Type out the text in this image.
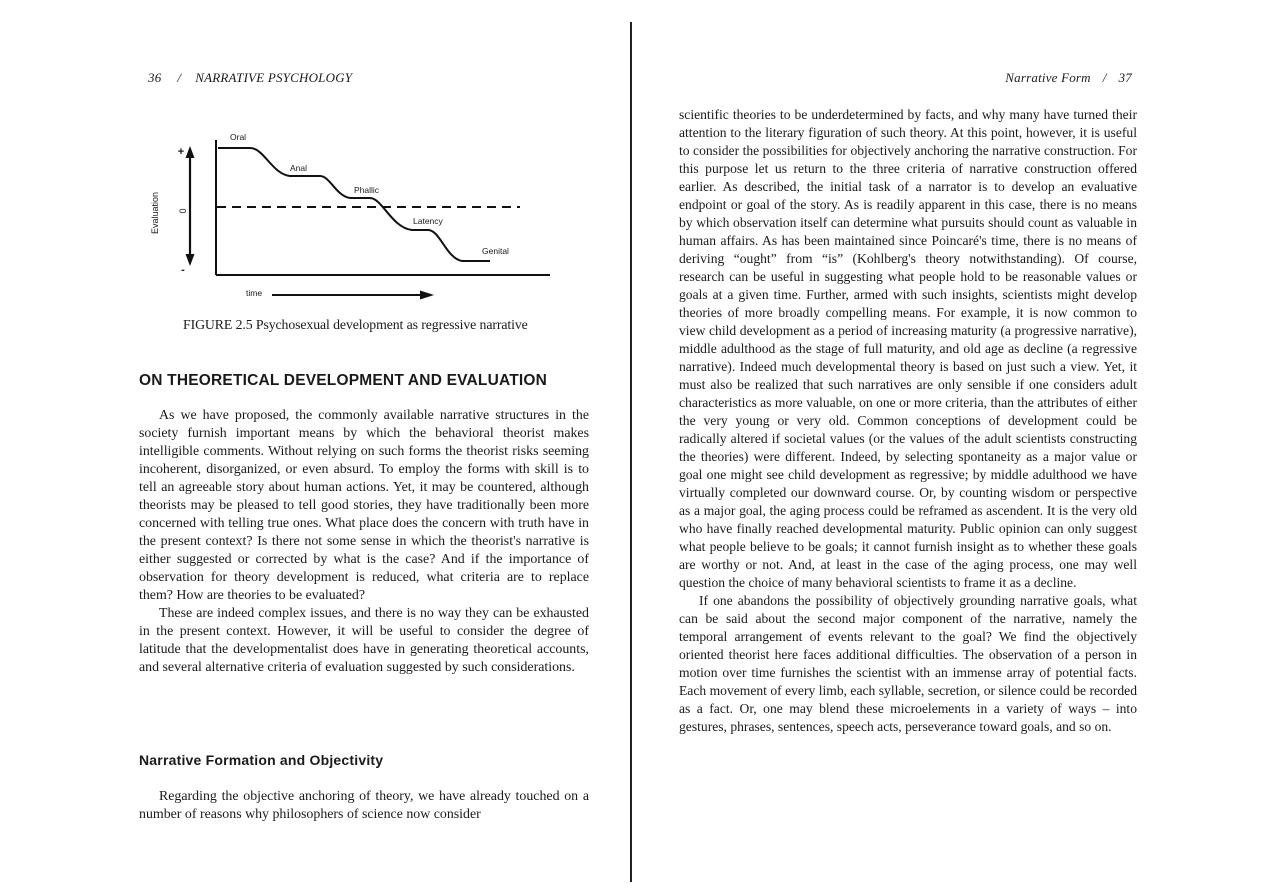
36 / NARRATIVE PSYCHOLOGY
Evaluation
+
0
-
Oral
Anal
Phallic
Latency
Genital
time
FIGURE 2.5 Psychosexual development as regressive narrative
ON THEORETICAL DEVELOPMENT AND EVALUATION

As we have proposed, the commonly available narrative structures in the society furnish important means by which the behavioral theorist makes intelligible comments. Without relying on such forms the theorist risks seeming incoherent, disorganized, or even absurd. To employ the forms with skill is to tell an agreeable story about human actions. Yet, it may be countered, although theorists may be pleased to tell good stories, they have traditionally been more concerned with telling true ones. What place does the concern with truth have in the present context? Is there not some sense in which the theorist's narrative is either suggested or corrected by what is the case? And if the importance of observation for theory development is reduced, what criteria are to replace them? How are theories to be evaluated?

These are indeed complex issues, and there is no way they can be exhausted in the present context. However, it will be useful to consider the degree of latitude that the developmentalist does have in generating theoretical accounts, and several alternative criteria of evaluation suggested by such considerations.

Narrative Formation and Objectivity

Regarding the objective anchoring of theory, we have already touched on a number of reasons why philosophers of science now consider

Narrative Form / 37

scientific theories to be underdetermined by facts, and why many have turned their attention to the literary figuration of such theory. At this point, however, it is useful to consider the possibilities for objectively anchoring the narrative construction. For this purpose let us return to the three criteria of narrative construction offered earlier. As described, the initial task of a narrator is to develop an evaluative endpoint or goal of the story. As is readily apparent in this case, there is no means by which observation itself can determine what pursuits should count as valuable in human affairs. As has been maintained since Poincaré's time, there is no means of deriving “ought” from “is” (Kohlberg's theory notwithstanding). Of course, research can be useful in suggesting what people hold to be reasonable values or goals at a given time. Further, armed with such insights, scientists might develop theories of more broadly compelling means. For example, it is now common to view child development as a period of increasing maturity (a progressive narrative), middle adulthood as the stage of full maturity, and old age as decline (a regressive narrative). Indeed much developmental theory is based on just such a view. Yet, it must also be realized that such narratives are only sensible if one considers adult characteristics as more valuable, on one or more criteria, than the attributes of either the very young or very old. Common conceptions of development could be radically altered if societal values (or the values of the adult scientists constructing the theories) were different. Indeed, by selecting spontaneity as a major value or goal one might see child development as regressive; by middle adulthood we have virtually completed our downward course. Or, by counting wisdom or perspective as a major goal, the aging process could be reframed as ascendent. It is the very old who have finally reached developmental maturity. Public opinion can only suggest what people believe to be goals; it cannot furnish insight as to whether these goals are worthy or not. And, at least in the case of the aging process, one may well question the choice of many behavioral scientists to frame it as a decline.

If one abandons the possibility of objectively grounding narrative goals, what can be said about the second major component of the narrative, namely the temporal arrangement of events relevant to the goal? We find the objectively oriented theorist here faces additional difficulties. The observation of a person in motion over time furnishes the scientist with an immense array of potential facts. Each movement of every limb, each syllable, secretion, or silence could be recorded as a fact. Or, one may blend these microelements in a variety of ways – into gestures, phrases, sentences, speech acts, perseverance toward goals, and so on.
